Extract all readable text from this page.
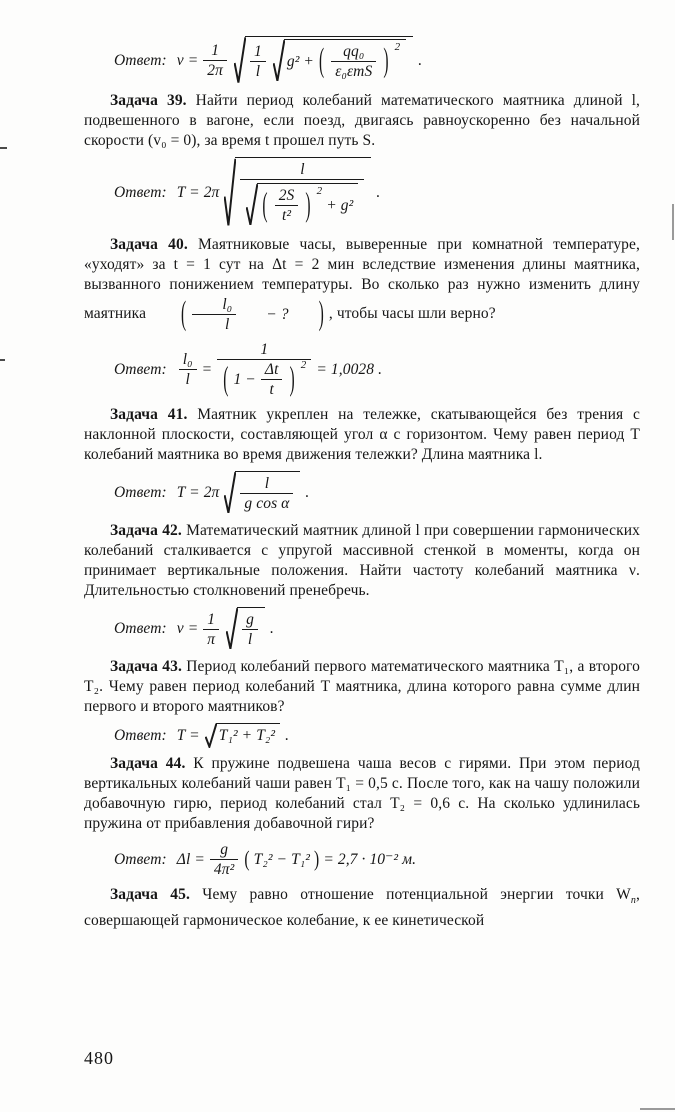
Ответ: $\nu = \frac{1}{2\pi} \frac{1}{l} g^2$ + ( $\frac{\text{qq₀}}{\text{ε₀εmS}}$ ) 2
.

Задача 39. Найти период колебаний математического маятника длиной l, подвешенного в вагоне, если поезд, двигаясь равноускоренно без начальной скорости (v₀ = 0), за время t прошел путь S.

Ответ: T = 2π
l
( $\frac{2S}{\text{t²}}$ ) 2
+ g²
.

Задача 40. Маятниковые часы, выверенные при комнатной температуре, «уходят» за t = 1 сут на Δt = 2 мин вследствие изменения длины маятника, вызванного понижением температуры. Во сколько раз нужно изменить длину маятника	( $\frac{\text{l₀}}{l}$	− ?	) , чтобы часы шли верно?

Ответ: $\frac{\text{l₀}}{l}$ =
1
( $1 - \frac{\Delta t}{t}$ ) 2 = 1,0028 .

Задача 41. Маятник укреплен на тележке, скатывающейся без трения с наклонной плоскости, составляющей угол α с горизонтом. Чему равен период T колебаний маятника во время движения тележки? Длина маятника l.

Ответ: $T = 2\pi \frac{l}{\text{g cos α}}$ .

Задача 42. Математический маятник длиной l при совершении гармонических колебаний сталкивается с упругой массивной стенкой в моменты, когда он принимает вертикальные положения. Найти частоту колебаний маятника ν. Длительностью столкновений пренебречь.

Ответ: $\nu = \frac{1}{\pi} \frac{g}{l}$ .

Задача 43. Период колебаний первого математического маятника T₁, а второго T₂. Чему равен период колебаний T маятника, длина которого равна сумме длин первого и второго маятников?

Ответ: T = T₁² + T₂² .

Задача 44. К пружине подвешена чаша весов с гирями. При этом период вертикальных колебаний чаши равен T₁ = 0,5 с. После того, как на чашу положили добавочную гирю, период колебаний стал T₂ = 0,6 с. На сколько удлинилась пружина от прибавления добавочной гири?

Ответ: $\Delta l = \frac{g}{\text{4π²}}$ ( T₂² − T₁² ) = 2,7 · 10⁻² м.

Задача 45. Чему равно отношение потенциальной энергии точки $W_п$, совершающей гармоническое колебание, к ее кинетической

480
